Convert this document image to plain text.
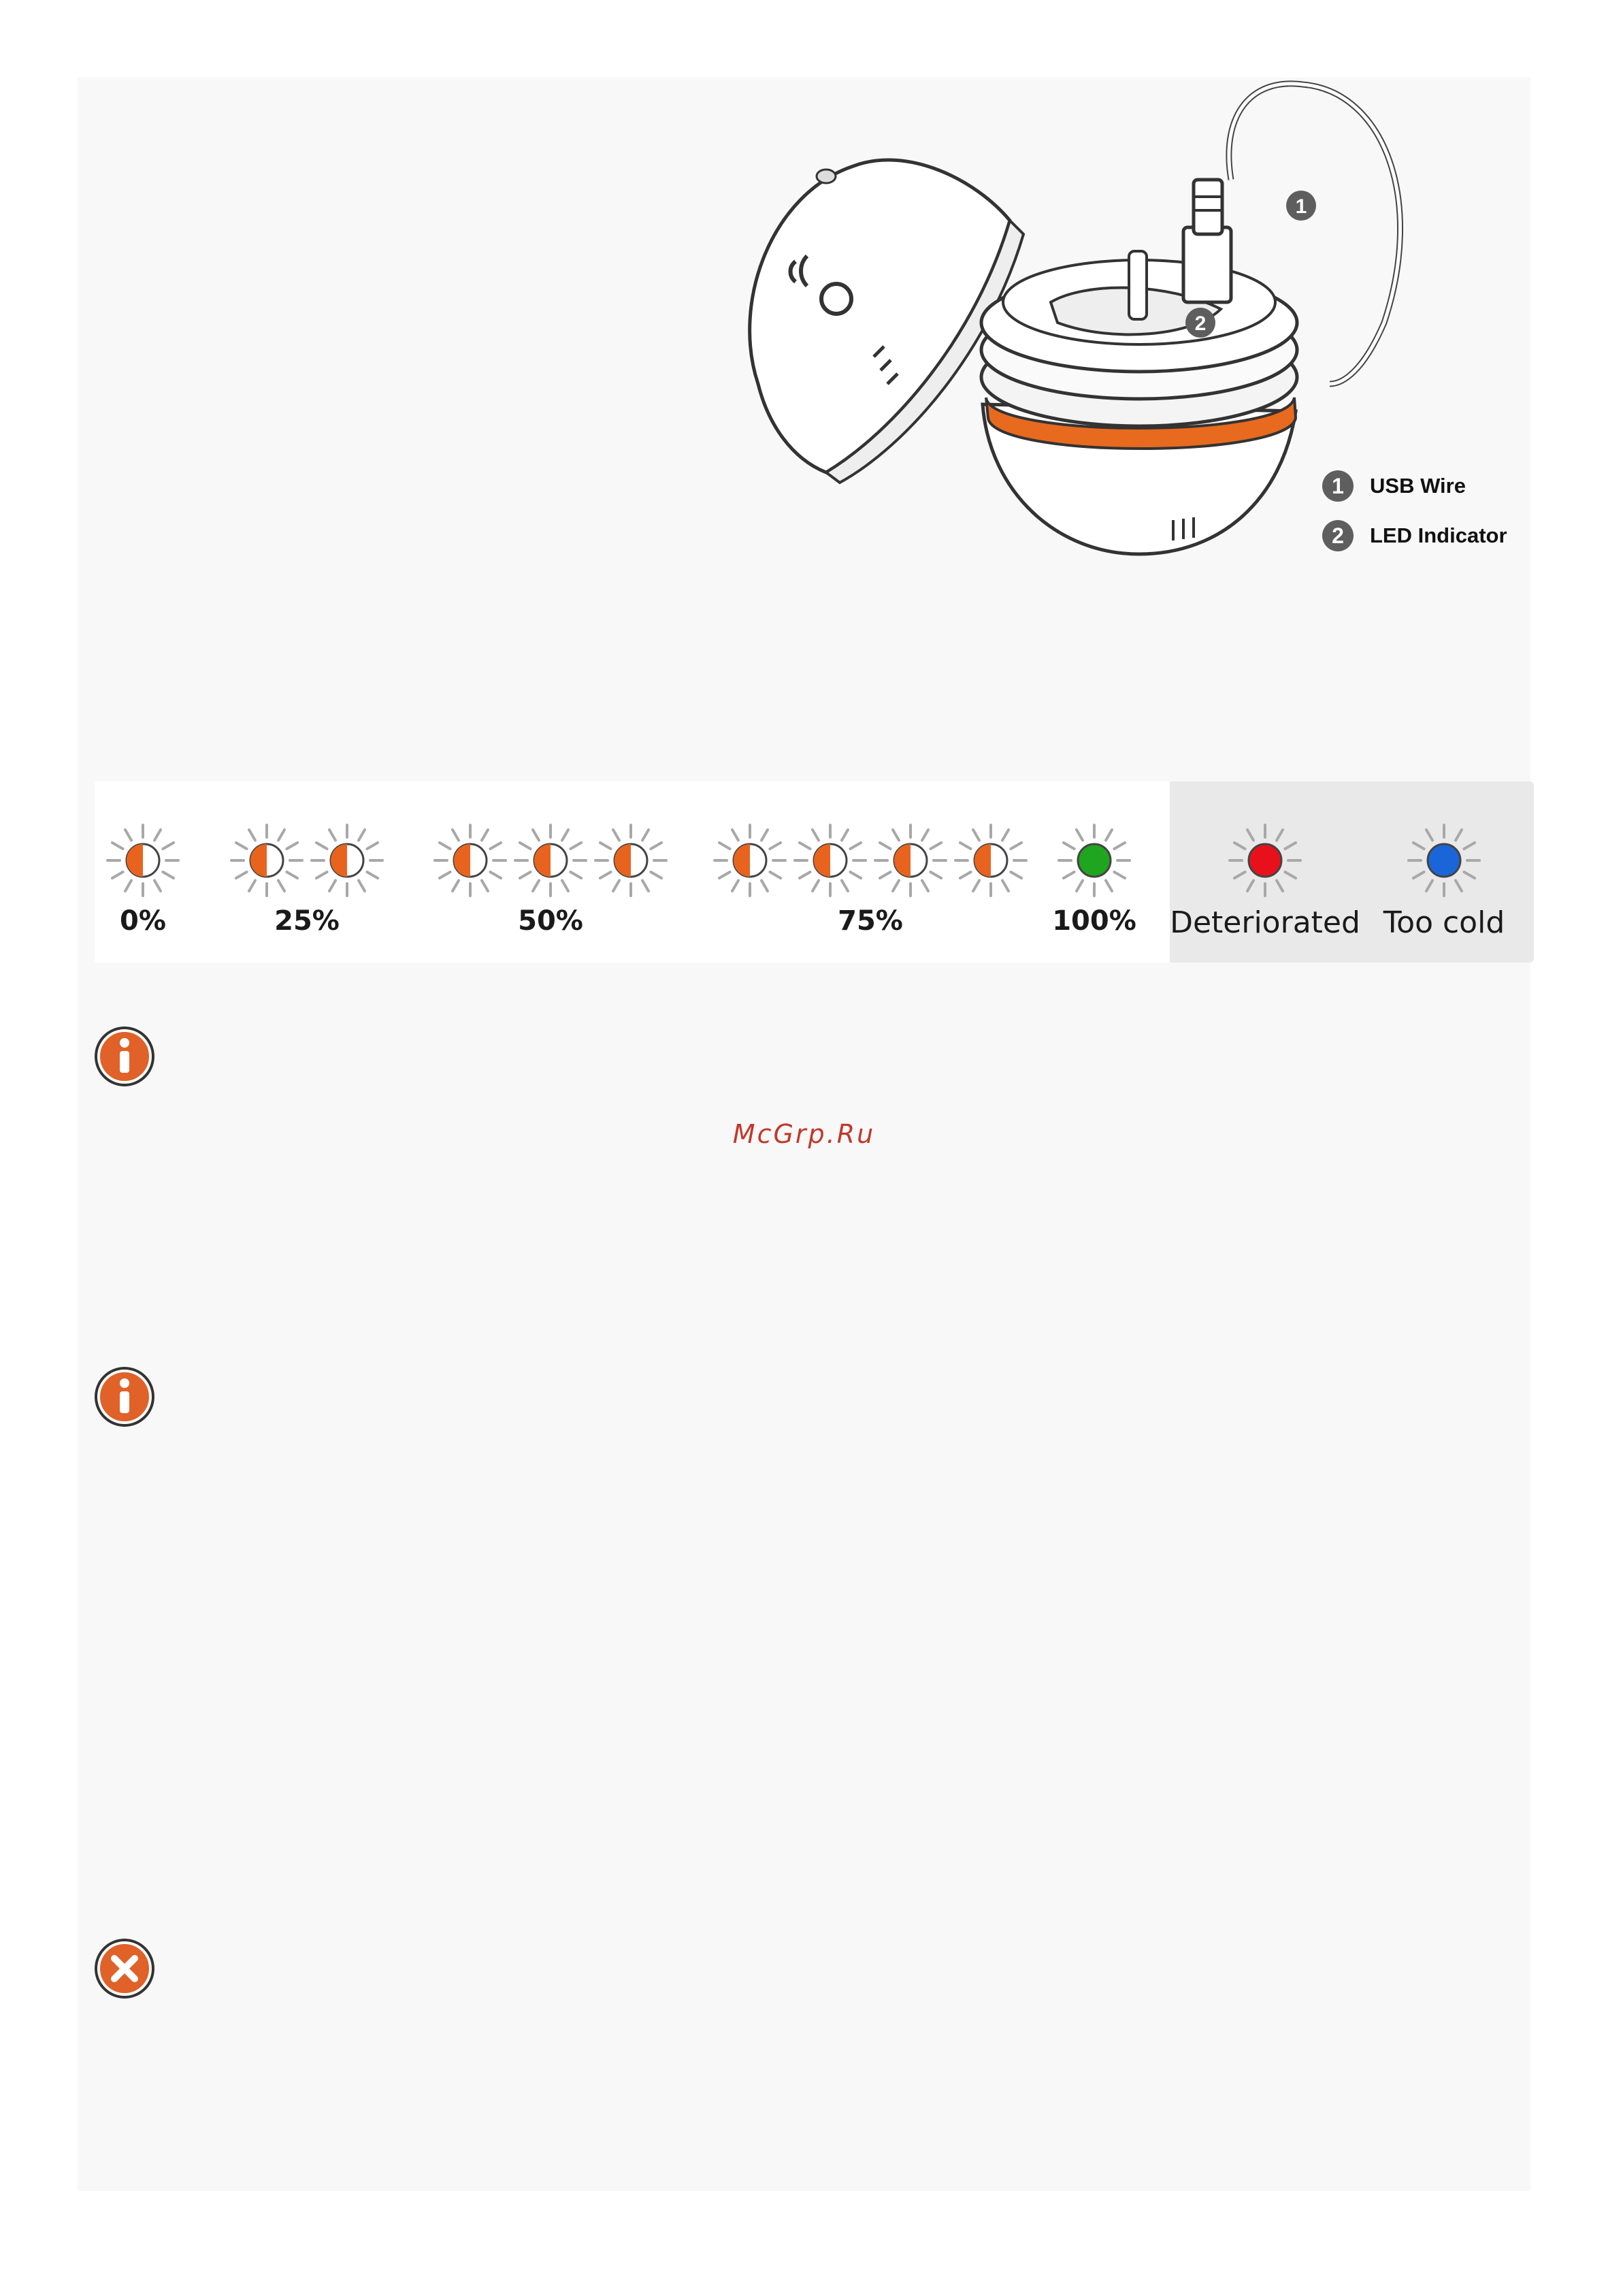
1
2
1	USB Wire
2	LED Indicator
0%	25%	50%	75%	100% Deteriorated Too cold
McGrp.Ru
